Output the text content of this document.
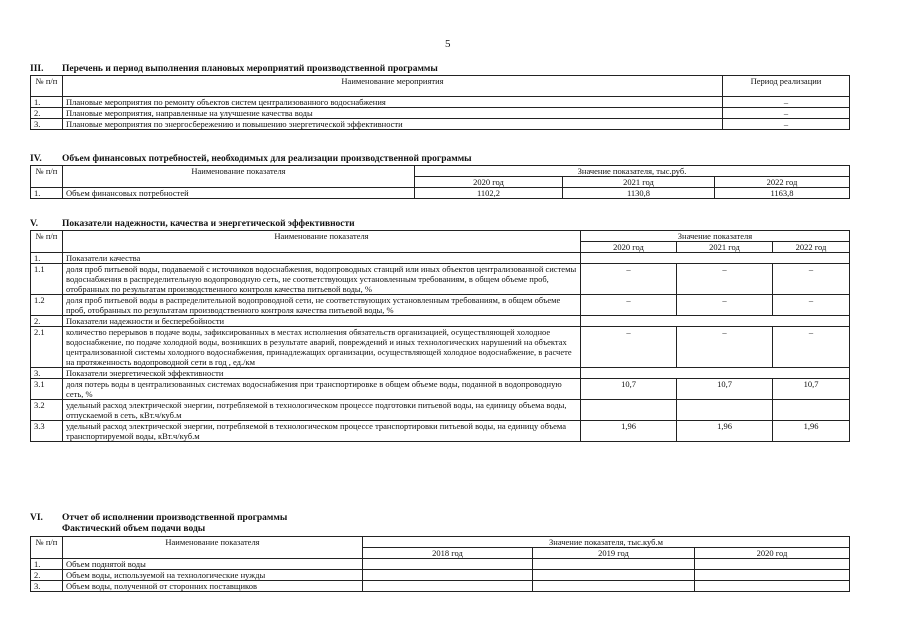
5
III. Перечень и период выполнения плановых мероприятий производственной программы
№ п/п	Наименование мероприятия	Период реализации
1.	Плановые мероприятия по ремонту объектов систем централизованного водоснабжения	–
2.	Плановые мероприятия, направленные на улучшение качества воды	–
3.	Плановые мероприятия по энергосбережению и повышению энергетической эффективности	–
IV. Объем финансовых потребностей, необходимых для реализации производственной программы
№ п/п	Наименование показателя	Значение показателя, тыс.руб.		
		2020 год	2021 год	2022 год
1.	Объем финансовых потребностей	1102,2	1130,8	1163,8
V.	Показатели надежности, качества и энергетической эффективности
№ п/п	Наименование показателя	Значение показателя		
		2020 год	2021 год	2022 год
1.	Показатели качества			
1.1	доля проб питьевой воды, подаваемой с источников водоснабжения, водопроводных станций или иных объектов централизованной системы водоснабжения в распределительную водопроводную сеть, не соответствующих установленным требованиям, в общем объеме проб, отобранных по результатам производственного контроля качества питьевой воды, %	–	–	–
1.2	доля проб питьевой воды в распределительной водопроводной сети, не соответствующих установленным требованиям, в общем объеме проб, отобранных по результатам производственного контроля качества питьевой воды, %	–	–	–
2.	Показатели надежности и бесперебойности			
2.1	количество перерывов в подаче воды, зафиксированных в местах исполнения обязательств организацией, осуществляющей холодное водоснабжение, по подаче холодной воды, возникших в результате аварий, повреждений и иных технологических нарушений на объектах централизованной системы холодного водоснабжения, принадлежащих организации, осуществляющей холодное водоснабжение, в расчете на протяженность водопроводной сети в год , ед./км	–	–	–
3.	Показатели энергетической эффективности			
3.1	доля потерь воды в централизованных системах водоснабжения при транспортировке в общем объеме воды, поданной в водопроводную сеть, %	10,7	10,7	10,7
3.2	удельный расход электрической энергии, потребляемой в технологическом процессе подготовки питьевой воды, на единицу объема воды, отпускаемой в сеть, кВт.ч/куб.м			
3.3	удельный расход электрической энергии, потребляемой в технологическом процессе транспортировки питьевой воды, на единицу объема транспортируемой воды, кВт.ч/куб.м	1,96	1,96	1,96
VI. Отчет об исполнении производственной программы
Фактический объем подачи воды
№ п/п	Наименование показателя	Значение показателя, тыс.куб.м		
		2018 год	2019 год	2020 год
1.	Объем поднятой воды			
2.	Объем воды, используемой на технологические нужды			
3.	Объем воды, полученной от сторонних поставщиков			
